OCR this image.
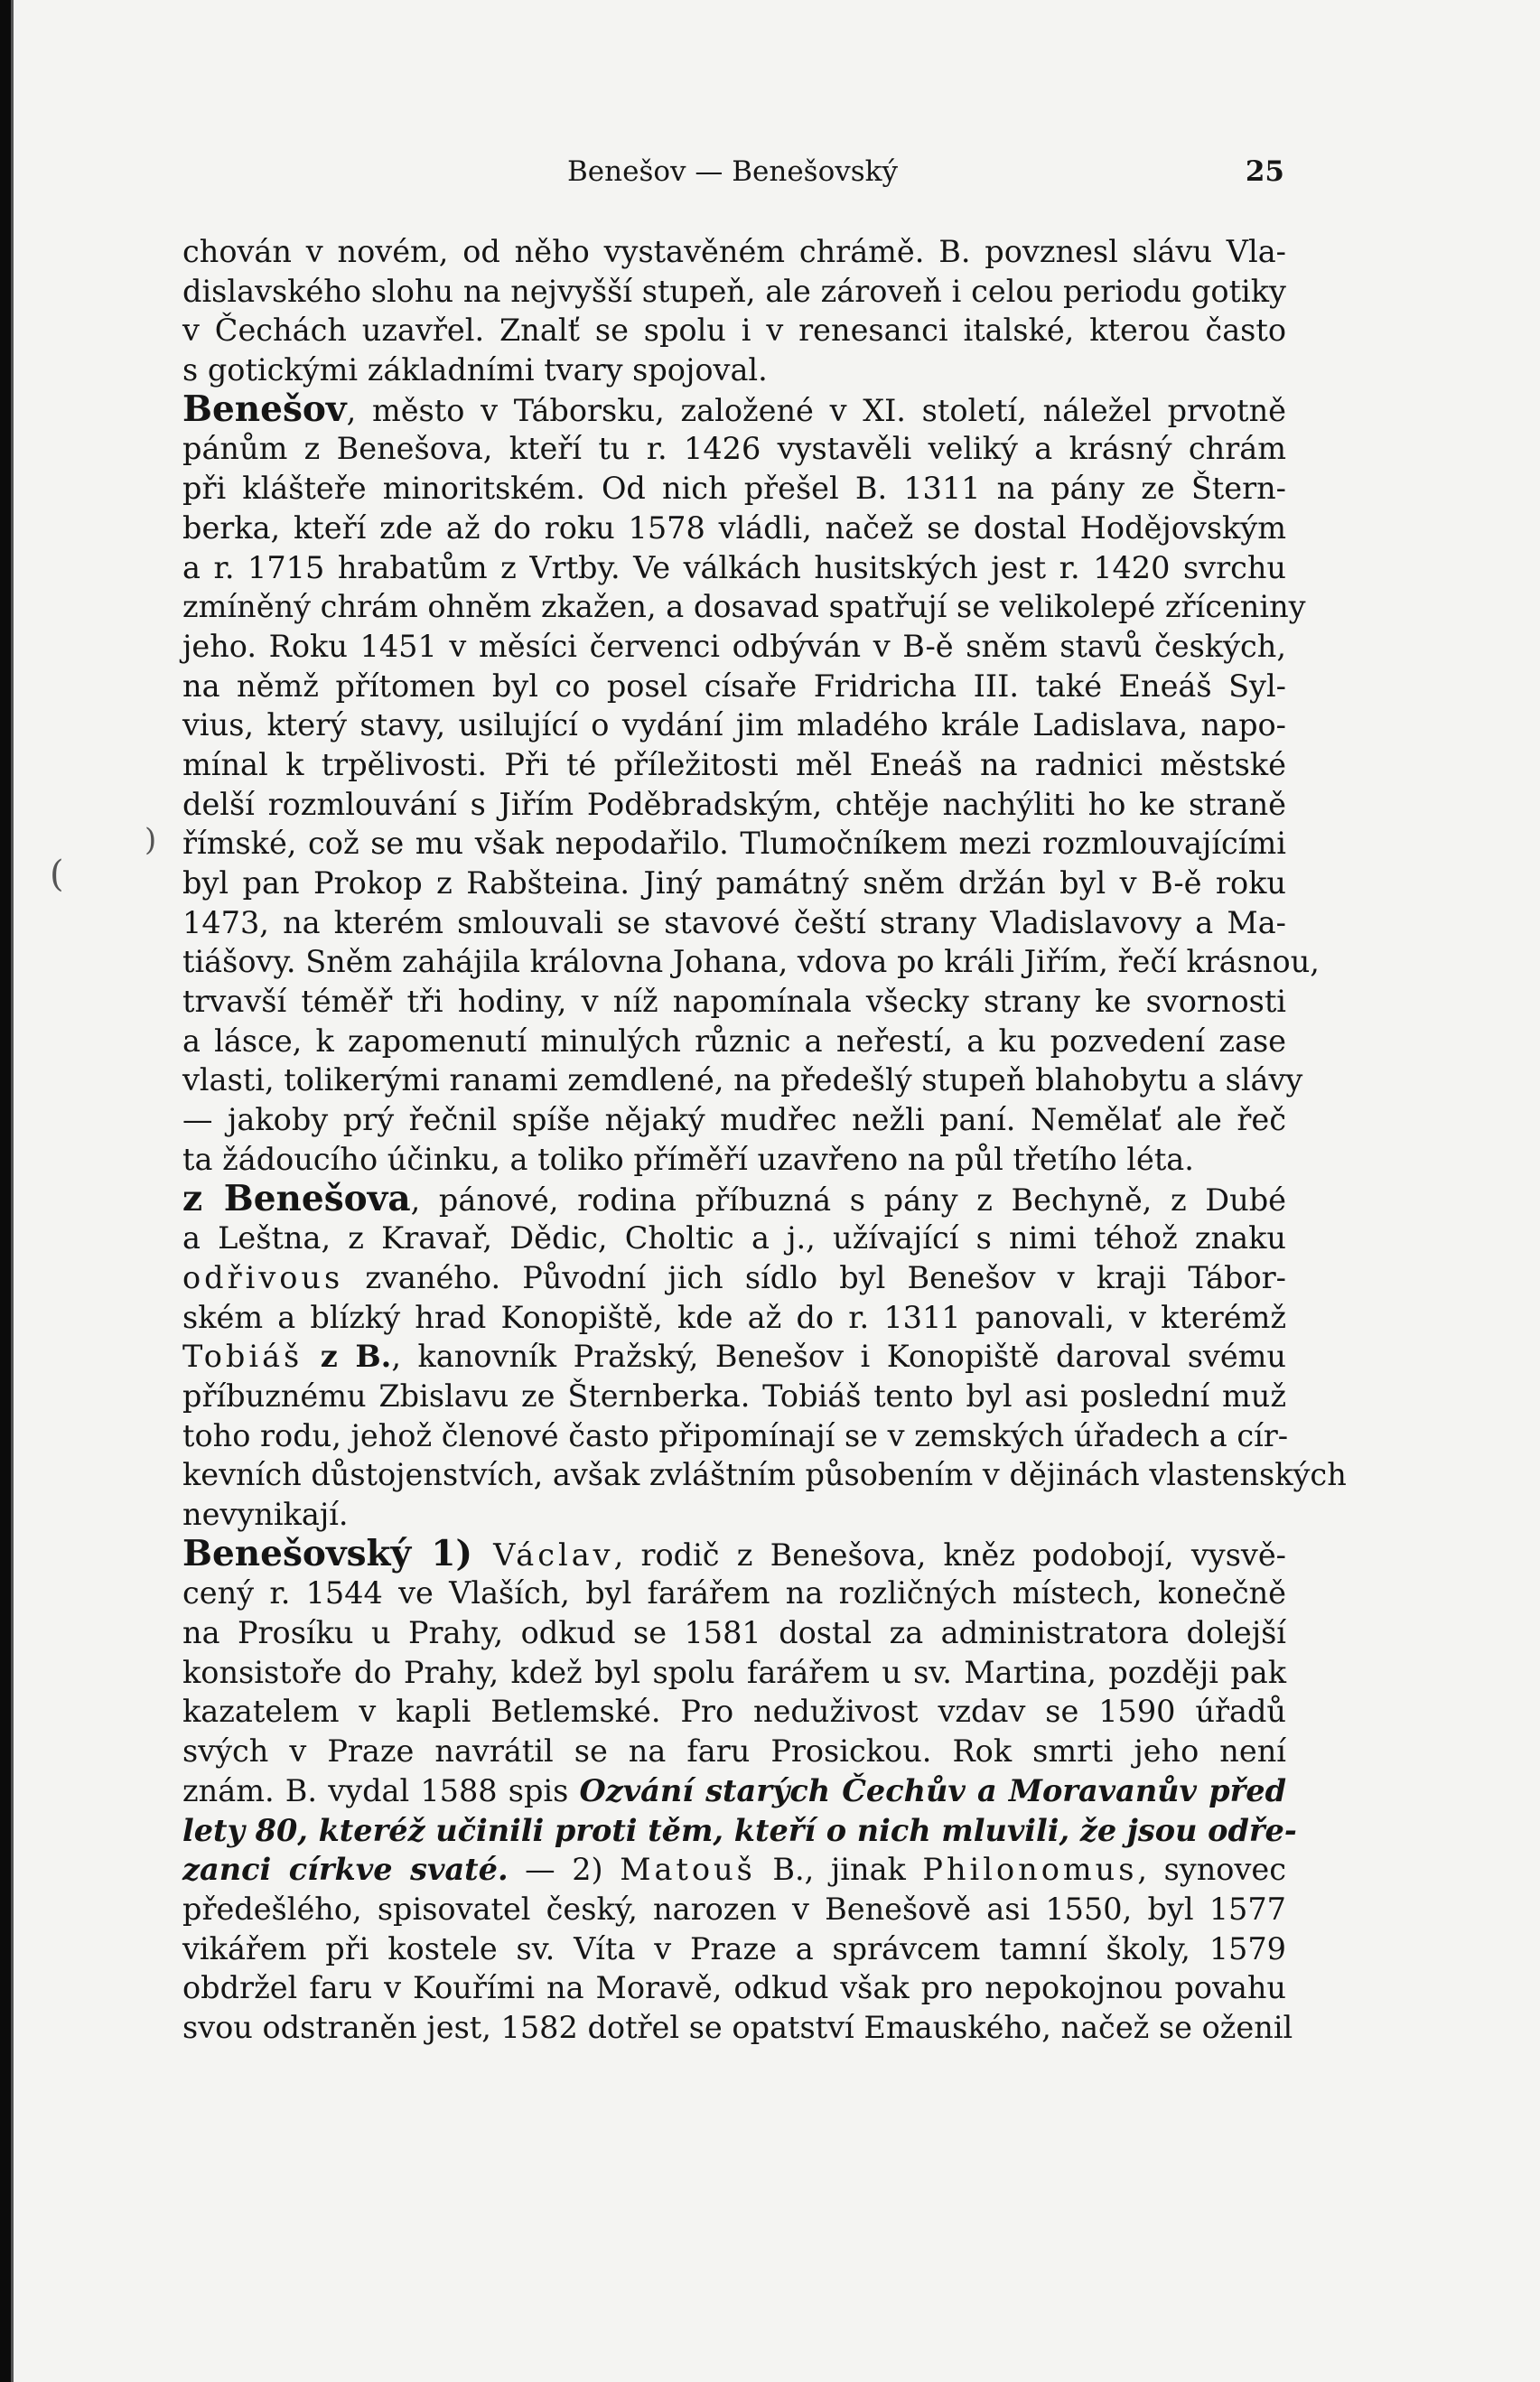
Benešov — Benešovský	25
chován v novém, od něho vystavěném chrámě. B. povznesl slávu Vla-
dislavského slohu na nejvyšší stupeň, ale zároveň i celou periodu gotiky
v Čechách uzavřel. Znalť se spolu i v renesanci italské, kterou často
s gotickými základními tvary spojoval.
Benešov, město v Táborsku, založené v XI. století, náležel prvotně
pánům z Benešova, kteří tu r. 1426 vystavěli veliký a krásný chrám
při klášteře minoritském. Od nich přešel B. 1311 na pány ze Štern-
berka, kteří zde až do roku 1578 vládli, načež se dostal Hodějovským
a r. 1715 hrabatům z Vrtby. Ve válkách husitských jest r. 1420 svrchu
zmíněný chrám ohněm zkažen, a dosavad spatřují se velikolepé zříceniny
jeho. Roku 1451 v měsíci červenci odbýván v B-ě sněm stavů českých,
na němž přítomen byl co posel císaře Fridricha III. také Eneáš Syl-
vius, který stavy, usilující o vydání jim mladého krále Ladislava, napo-
mínal k trpělivosti. Při té příležitosti měl Eneáš na radnici městské
delší rozmlouvání s Jiřím Poděbradským, chtěje nachýliti ho ke straně
římské, což se mu však nepodařilo. Tlumočníkem mezi rozmlouvajícími
byl pan Prokop z Rabšteina. Jiný památný sněm držán byl v B-ě roku
1473, na kterém smlouvali se stavové čeští strany Vladislavovy a Ma-
tiášovy. Sněm zahájila královna Johana, vdova po králi Jiřím, řečí krásnou,
trvavší téměř tři hodiny, v níž napomínala všecky strany ke svornosti
a lásce, k zapomenutí minulých různic a neřestí, a ku pozvedení zase
vlasti, tolikerými ranami zemdlené, na předešlý stupeň blahobytu a slávy
— jakoby prý řečnil spíše nějaký mudřec nežli paní. Nemělať ale řeč
ta žádoucího účinku, a toliko příměří uzavřeno na půl třetího léta.
z Benešova, pánové, rodina příbuzná s pány z Bechyně, z Dubé
a Leštna, z Kravař, Dědic, Choltic a j., užívající s nimi téhož znaku
odřivous zvaného. Původní jich sídlo byl Benešov v kraji Tábor-
ském a blízký hrad Konopiště, kde až do r. 1311 panovali, v kterémž
Tobiáš z B., kanovník Pražský, Benešov i Konopiště daroval svému
příbuznému Zbislavu ze Šternberka. Tobiáš tento byl asi poslední muž
toho rodu, jehož členové často připomínají se v zemských úřadech a cír-
kevních důstojenstvích, avšak zvláštním působením v dějinách vlastenských
nevynikají.
Benešovský 1) Václav, rodič z Benešova, kněz podobojí, vysvě-
cený r. 1544 ve Vlaších, byl farářem na rozličných místech, konečně
na Prosíku u Prahy, odkud se 1581 dostal za administratora dolejší
konsistoře do Prahy, kdež byl spolu farářem u sv. Martina, později pak
kazatelem v kapli Betlemské. Pro neduživost vzdav se 1590 úřadů
svých v Praze navrátil se na faru Prosickou. Rok smrti jeho není
znám. B. vydal 1588 spis Ozvání starých Čechův a Moravanův před
lety 80, kteréž učinili proti těm, kteří o nich mluvili, že jsou odře-
zanci církve svaté. — 2) Matouš B., jinak Philonomus, synovec
předešlého, spisovatel český, narozen v Benešově asi 1550, byl 1577
vikářem při kostele sv. Víta v Praze a správcem tamní školy, 1579
obdržel faru v Kouřími na Moravě, odkud však pro nepokojnou povahu
svou odstraněn jest, 1582 dotřel se opatství Emauského, načež se oženil
(
)
